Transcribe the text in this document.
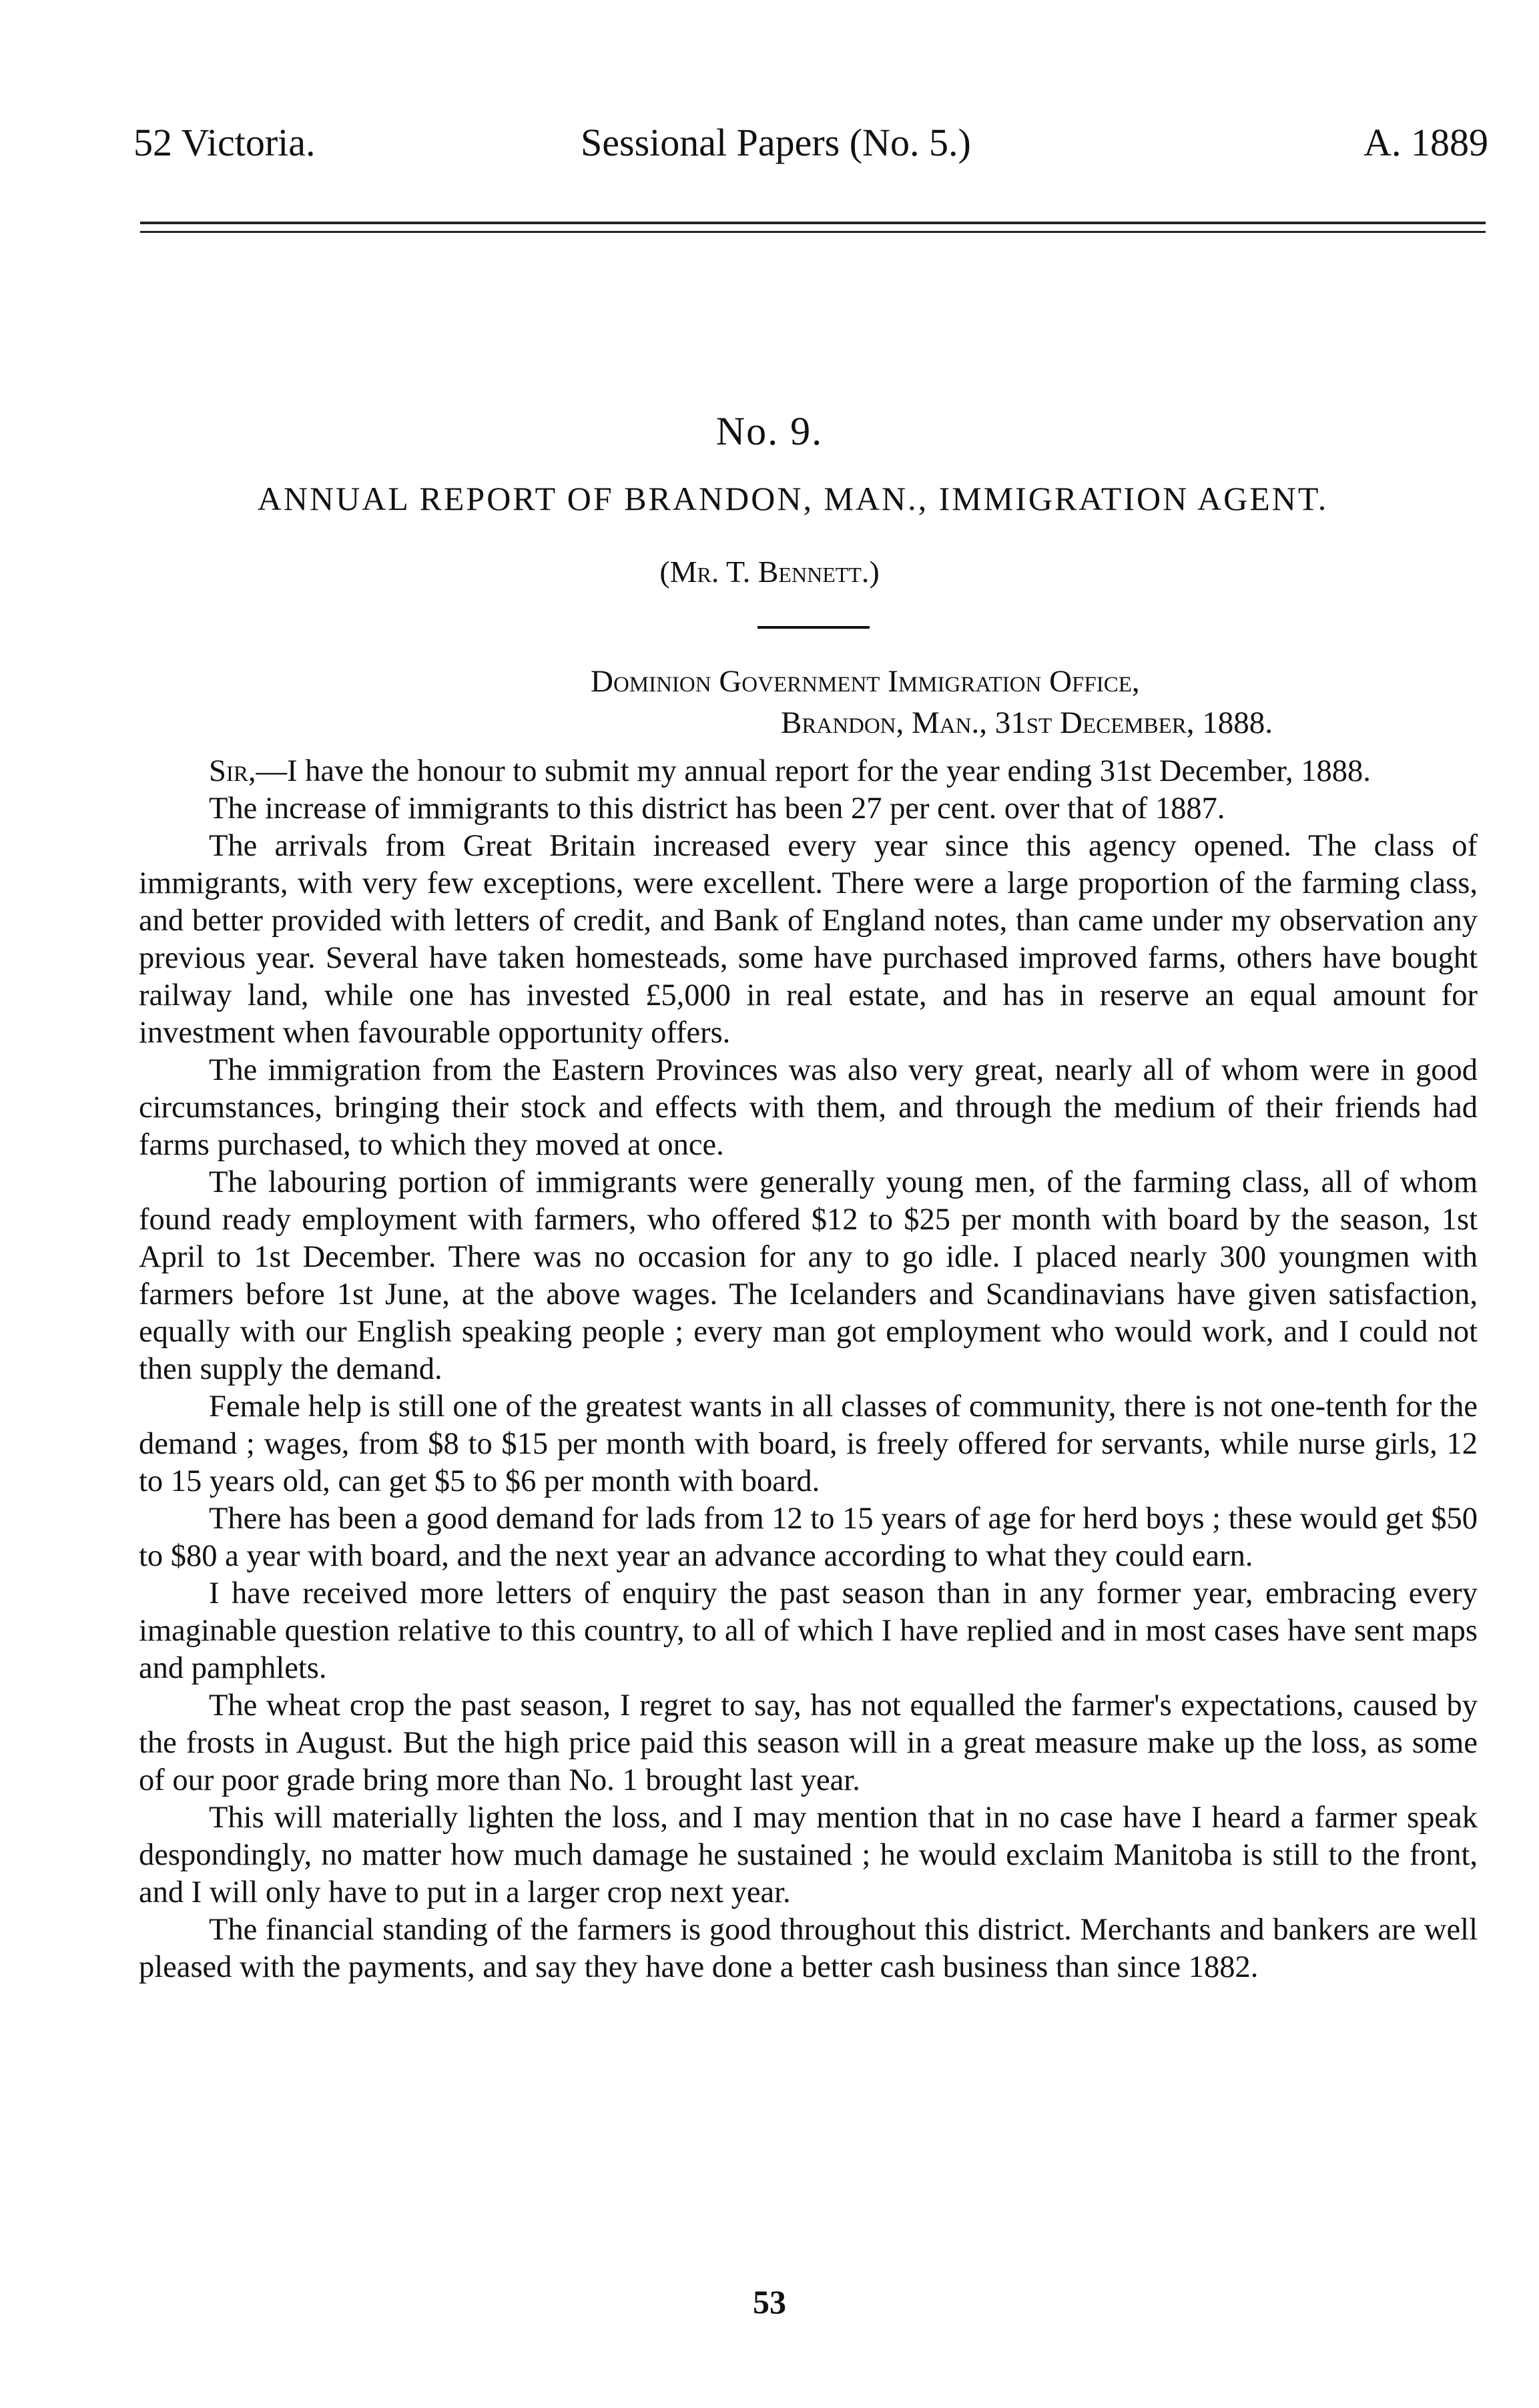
52 Victoria.	Sessional Papers (No. 5.)	A. 1889
No. 9.
ANNUAL REPORT OF BRANDON, MAN., IMMIGRATION AGENT.
(Mr. T. Bennett.)
Dominion Government Immigration Office,
Brandon, Man., 31st December, 1888.

Sir,—I have the honour to submit my annual report for the year ending 31st December, 1888.

The increase of immigrants to this district has been 27 per cent. over that of 1887.

The arrivals from Great Britain increased every year since this agency opened. The class of immigrants, with very few exceptions, were excellent. There were a large proportion of the farming class, and better provided with letters of credit, and Bank of England notes, than came under my observation any previous year. Several have taken homesteads, some have purchased improved farms, others have bought railway land, while one has invested £5,000 in real estate, and has in reserve an equal amount for investment when favourable opportunity offers.

The immigration from the Eastern Provinces was also very great, nearly all of whom were in good circumstances, bringing their stock and effects with them, and through the medium of their friends had farms purchased, to which they moved at once.

The labouring portion of immigrants were generally young men, of the farming class, all of whom found ready employment with farmers, who offered $12 to $25 per month with board by the season, 1st April to 1st December. There was no occasion for any to go idle. I placed nearly 300 youngmen with farmers before 1st June, at the above wages. The Icelanders and Scandinavians have given satisfaction, equally with our English speaking people ; every man got employment who would work, and I could not then supply the demand.

Female help is still one of the greatest wants in all classes of community, there is not one-tenth for the demand ; wages, from $8 to $15 per month with board, is freely offered for servants, while nurse girls, 12 to 15 years old, can get $5 to $6 per month with board.

There has been a good demand for lads from 12 to 15 years of age for herd boys ; these would get $50 to $80 a year with board, and the next year an advance according to what they could earn.

I have received more letters of enquiry the past season than in any former year, embracing every imaginable question relative to this country, to all of which I have replied and in most cases have sent maps and pamphlets.

The wheat crop the past season, I regret to say, has not equalled the farmer's expectations, caused by the frosts in August. But the high price paid this season will in a great measure make up the loss, as some of our poor grade bring more than No. 1 brought last year.

This will materially lighten the loss, and I may mention that in no case have I heard a farmer speak despondingly, no matter how much damage he sustained ; he would exclaim Manitoba is still to the front, and I will only have to put in a larger crop next year.

The financial standing of the farmers is good throughout this district. Merchants and bankers are well pleased with the payments, and say they have done a better cash business than since 1882.

53
